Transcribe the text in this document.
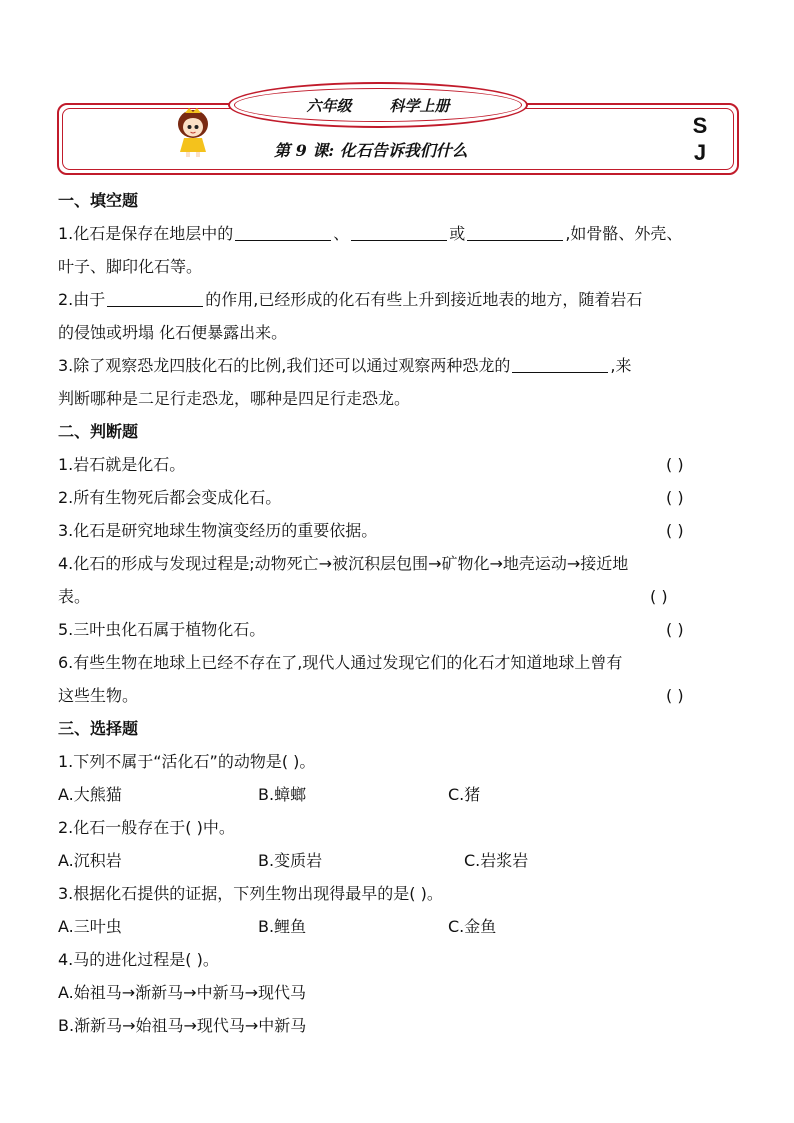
六年级	科学上册
第 9 课: 化石告诉我们什么
S
J
一、填空题
1.化石是保存在地层中的	、	或	,如骨骼、外壳、
叶子、脚印化石等。
2.由于	的作用,已经形成的化石有些上升到接近地表的地方，随着岩石
的侵蚀或坍塌 化石便暴露出来。
3.除了观察恐龙四肢化石的比例,我们还可以通过观察两种恐龙的	,来
判断哪种是二足行走恐龙，哪种是四足行走恐龙。
二、判断题
1.岩石就是化石。	( )
2.所有生物死后都会变成化石。	( )
3.化石是研究地球生物演变经历的重要依据。	( )
4.化石的形成与发现过程是;动物死亡→被沉积层包围→矿物化→地壳运动→接近地
表。	( )
5.三叶虫化石属于植物化石。	( )
6.有些生物在地球上已经不存在了,现代人通过发现它们的化石才知道地球上曾有
这些生物。	( )
三、选择题
1.下列不属于“活化石”的动物是( )。
A.大熊猫	B.蟑螂	C.猪
2.化石一般存在于( )中。
A.沉积岩	B.变质岩	C.岩浆岩
3.根据化石提供的证据，下列生物出现得最早的是( )。
A.三叶虫	B.鲤鱼	C.金鱼
4.马的进化过程是( )。
A.始祖马→渐新马→中新马→现代马
B.渐新马→始祖马→现代马→中新马
